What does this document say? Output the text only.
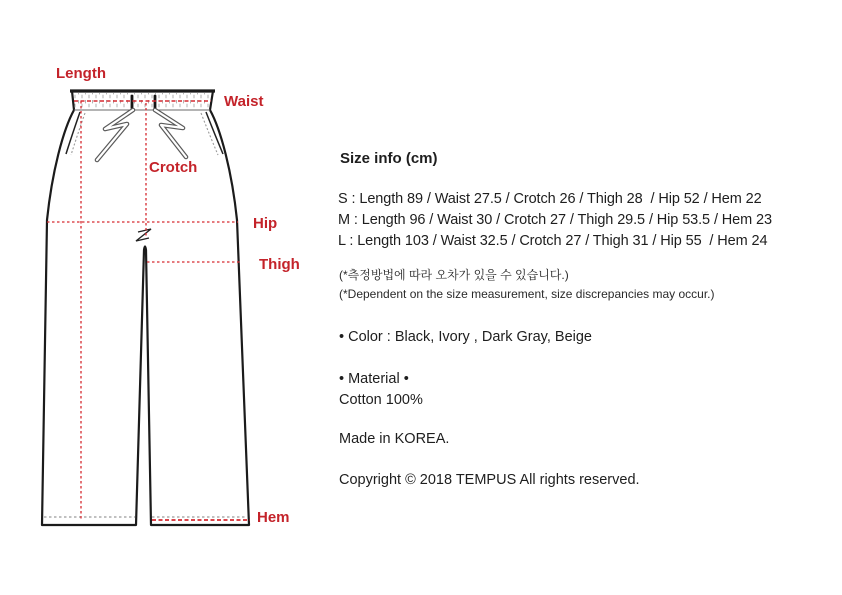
Length
Waist
Crotch
Hip
Thigh
Hem
Size info (cm)
S : Length 89 / Waist 27.5 / Crotch 26 / Thigh 28  / Hip 52 / Hem 22
M : Length 96 / Waist 30 / Crotch 27 / Thigh 29.5 / Hip 53.5 / Hem 23
L : Length 103 / Waist 32.5 / Crotch 27 / Thigh 31 / Hip 55  / Hem 24
(*측정방법에 따라 오차가 있을 수 있습니다.)
(*Dependent on the size measurement, size discrepancies may occur.)
• Color : Black, Ivory , Dark Gray, Beige
• Material •
Cotton 100%
Made in KOREA.
Copyright © 2018 TEMPUS All rights reserved.
